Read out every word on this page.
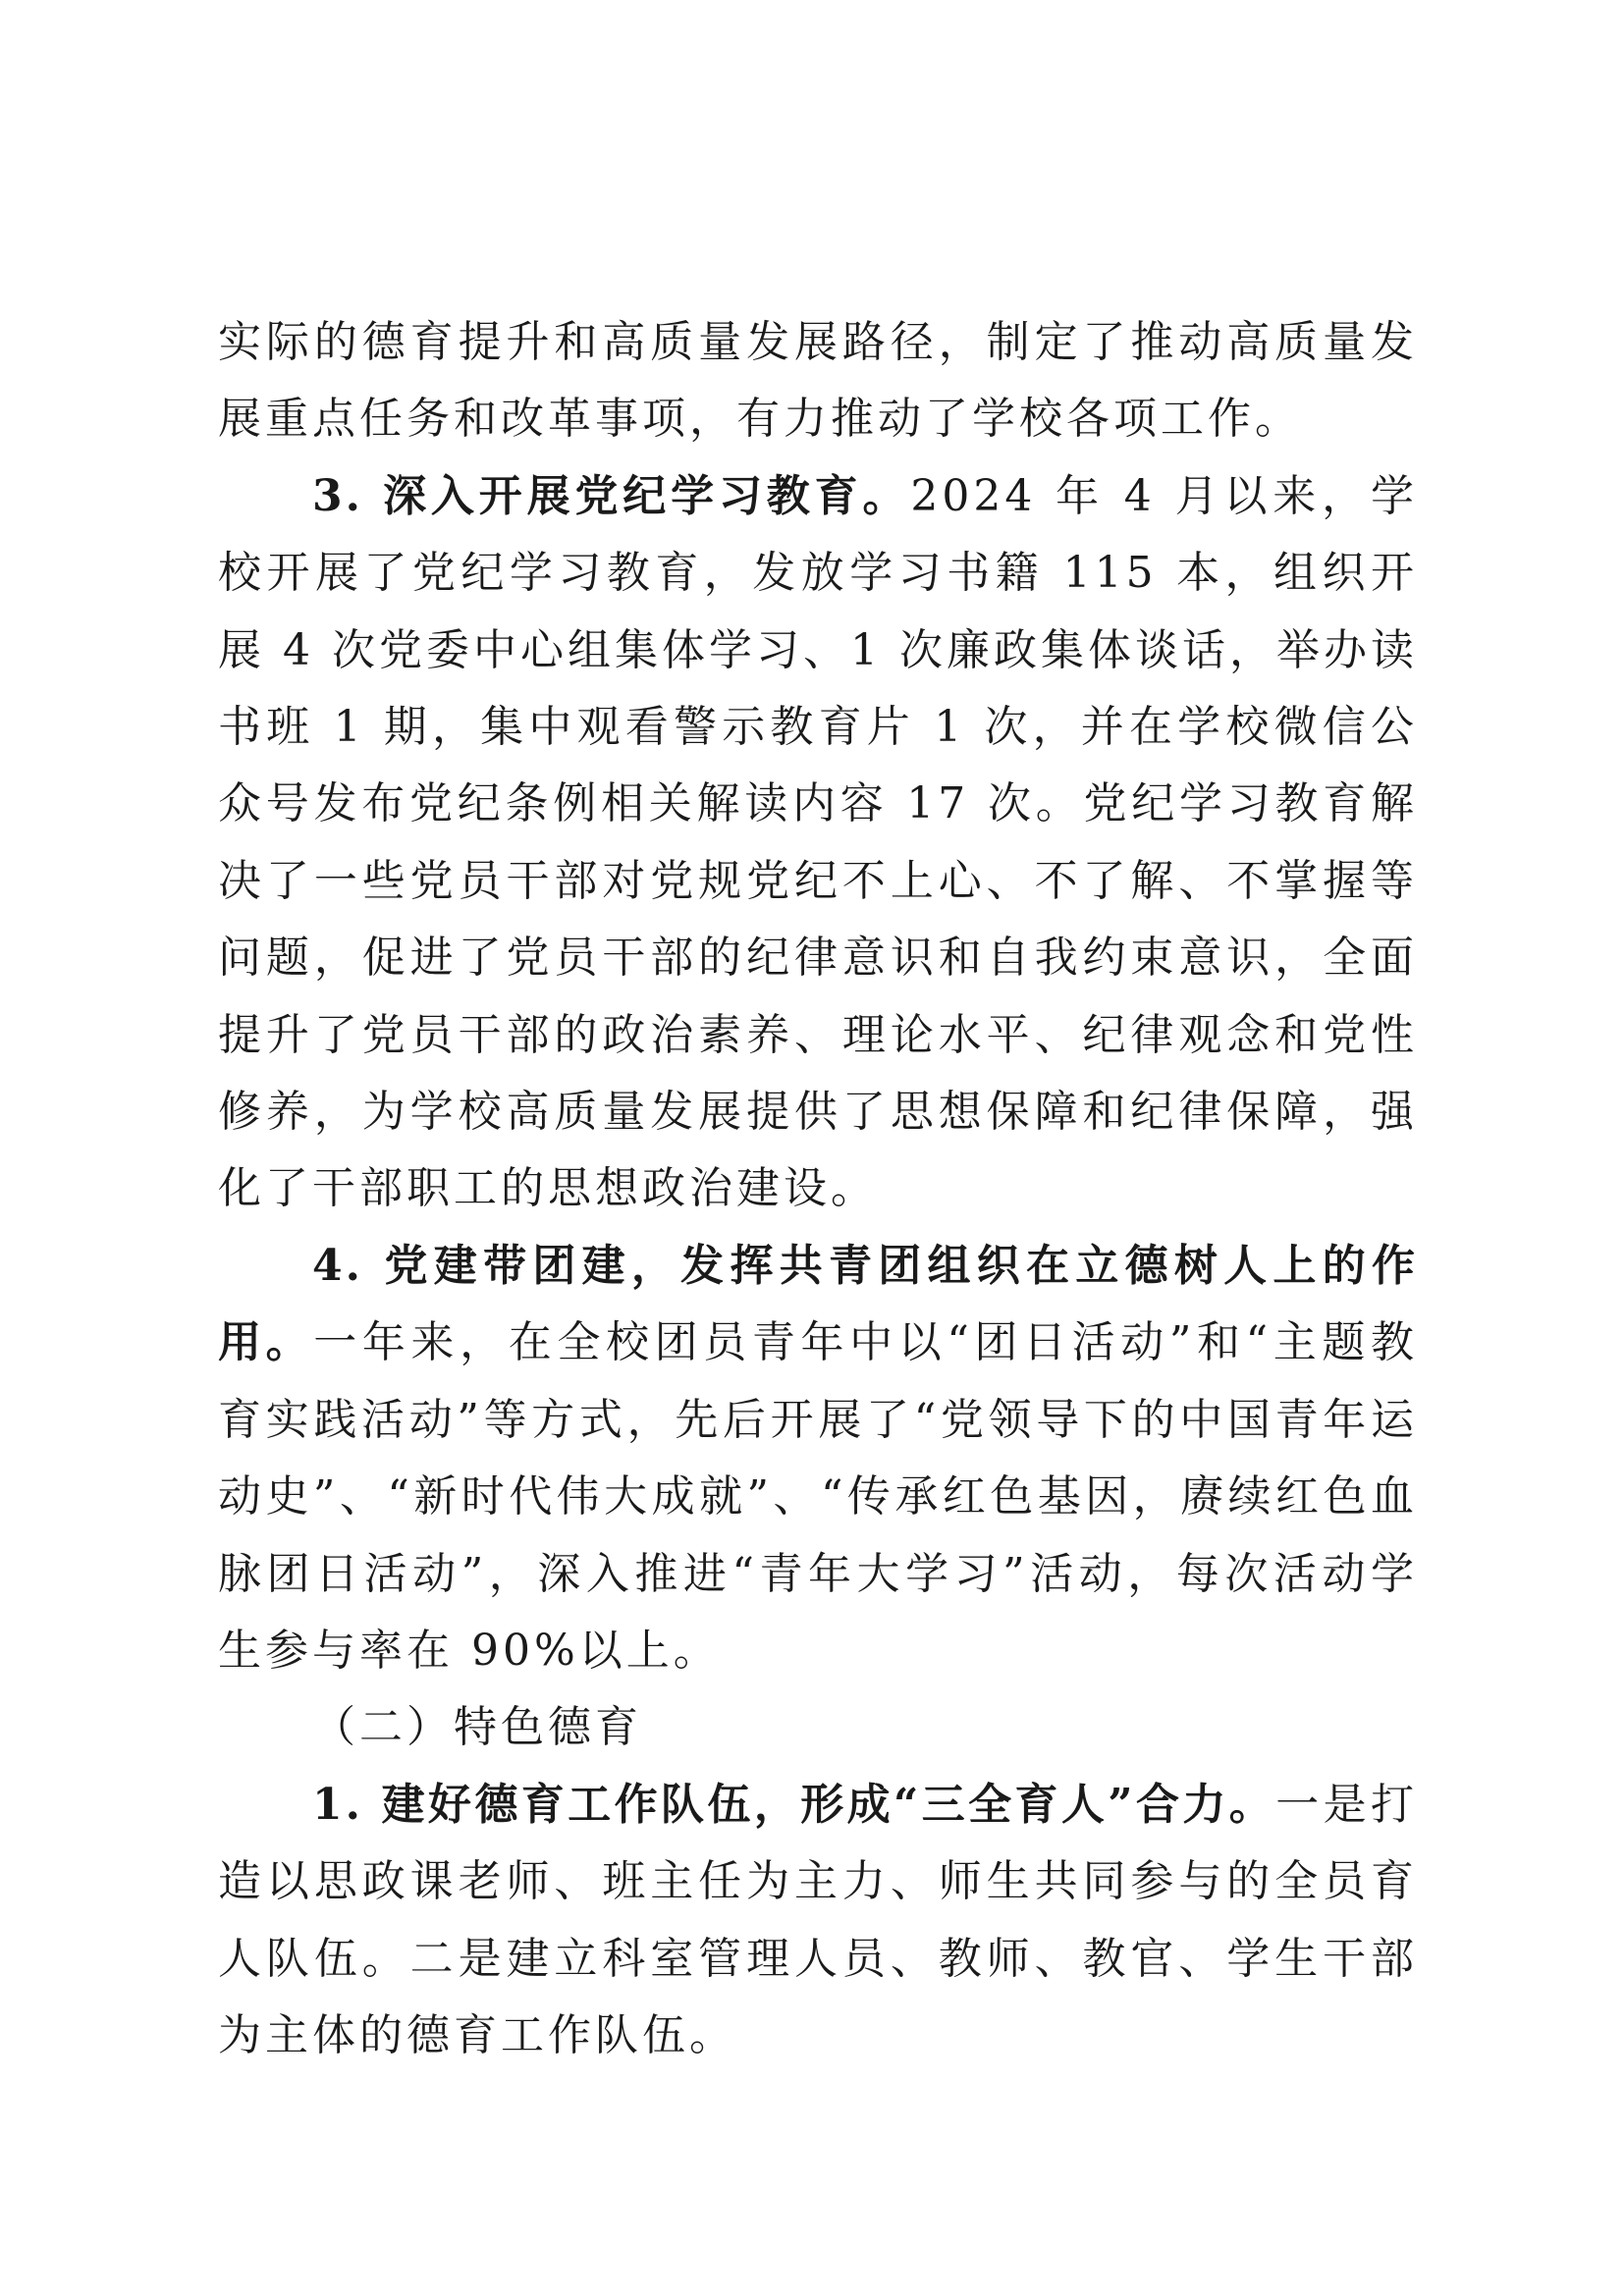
实际的德育提升和高质量发展路径，制定了推动高质量发展重点任务和改革事项，有力推动了学校各项工作。

3. 深入开展党纪学习教育。2024 年 4 月以来，学校开展了党纪学习教育，发放学习书籍 115 本，组织开展 4 次党委中心组集体学习、1 次廉政集体谈话，举办读书班 1 期，集中观看警示教育片 1 次，并在学校微信公众号发布党纪条例相关解读内容 17 次。党纪学习教育解决了一些党员干部对党规党纪不上心、不了解、不掌握等问题，促进了党员干部的纪律意识和自我约束意识，全面提升了党员干部的政治素养、理论水平、纪律观念和党性修养，为学校高质量发展提供了思想保障和纪律保障，强化了干部职工的思想政治建设。

4. 党建带团建，发挥共青团组织在立德树人上的作用。一年来，在全校团员青年中以“团日活动”和“主题教育实践活动”等方式，先后开展了“党领导下的中国青年运动史”、“新时代伟大成就”、“传承红色基因，赓续红色血脉团日活动”，深入推进“青年大学习”活动，每次活动学生参与率在 90%以上。

（二）特色德育

1. 建好德育工作队伍，形成“三全育人”合力。一是打造以思政课老师、班主任为主力、师生共同参与的全员育人队伍。二是建立科室管理人员、教师、教官、学生干部为主体的德育工作队伍。
